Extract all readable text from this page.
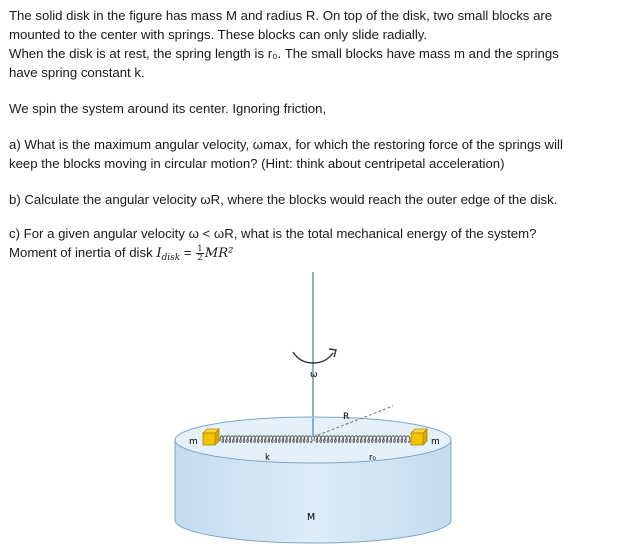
The solid disk in the figure has mass M and radius R. On top of the disk, two small blocks are

mounted to the center with springs. These blocks can only slide radially.

When the disk is at rest, the spring length is r₀. The small blocks have mass m and the springs

have spring constant k.

We spin the system around its center. Ignoring friction,

a) What is the maximum angular velocity, ωmax, for which the restoring force of the springs will

keep the blocks moving in circular motion? (Hint: think about centripetal acceleration)

b) Calculate the angular velocity ωR, where the blocks would reach the outer edge of the disk.

c) For a given angular velocity ω < ωR, what is the total mechanical energy of the system?

Moment of inertia of disk $I_{disk} = \frac{1}{2} MR^2$

ω
R
m	m
k	r₀
M
